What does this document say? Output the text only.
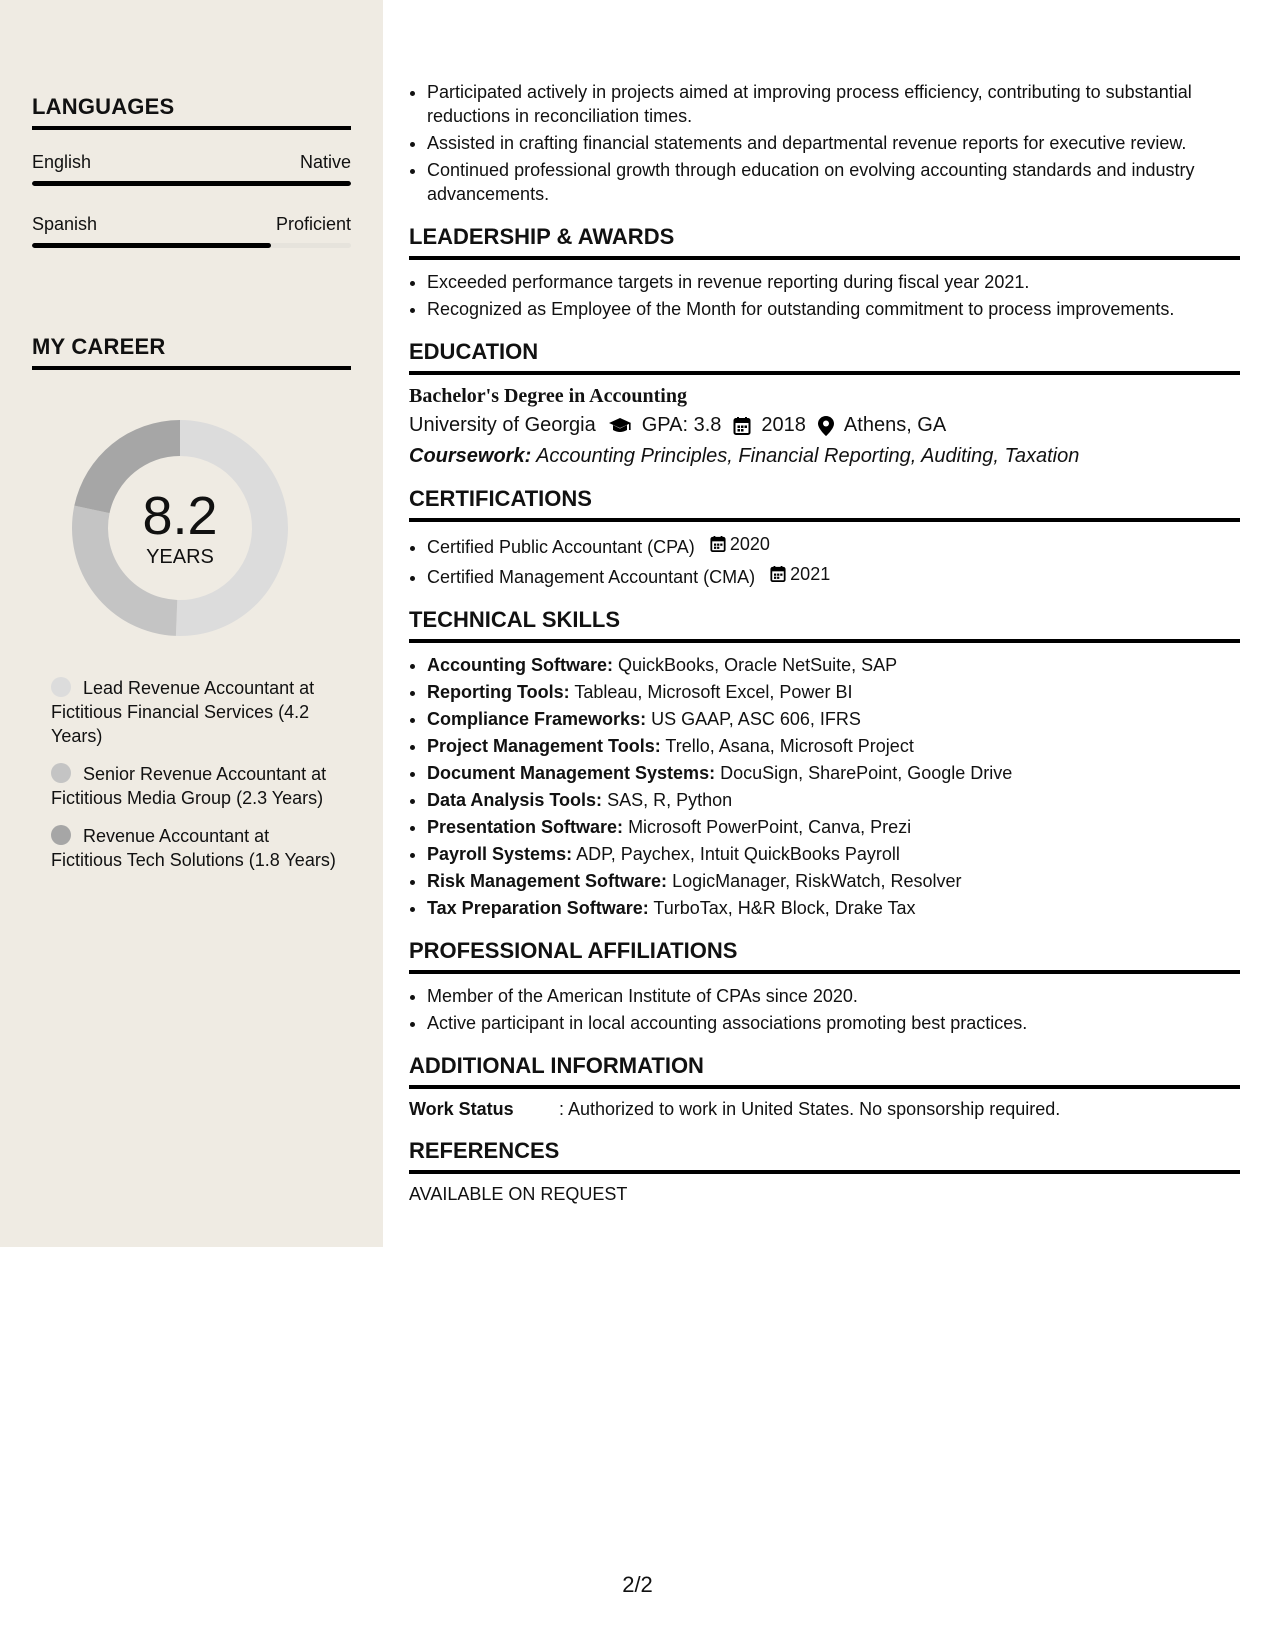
LANGUAGES
English	Native
Spanish	Proficient
MY CAREER
8.2
YEARS
Lead Revenue Accountant at Fictitious Financial Services (4.2 Years)
Senior Revenue Accountant at Fictitious Media Group (2.3 Years)
Revenue Accountant at Fictitious Tech Solutions (1.8 Years)
• Participated actively in projects aimed at improving process efficiency, contributing to substantial reductions in reconciliation times.
• Assisted in crafting financial statements and departmental revenue reports for executive review.
• Continued professional growth through education on evolving accounting standards and industry advancements.
LEADERSHIP & AWARDS
• Exceeded performance targets in revenue reporting during fiscal year 2021.
• Recognized as Employee of the Month for outstanding commitment to process improvements.
EDUCATION
Bachelor's Degree in Accounting
University of Georgia GPA: 3.8 2018 Athens, GA
Coursework: Accounting Principles, Financial Reporting, Auditing, Taxation
CERTIFICATIONS
• Certified Public Accountant (CPA) 2020
• Certified Management Accountant (CMA) 2021
TECHNICAL SKILLS
• Accounting Software: QuickBooks, Oracle NetSuite, SAP
• Reporting Tools: Tableau, Microsoft Excel, Power BI
• Compliance Frameworks: US GAAP, ASC 606, IFRS
• Project Management Tools: Trello, Asana, Microsoft Project
• Document Management Systems: DocuSign, SharePoint, Google Drive
• Data Analysis Tools: SAS, R, Python
• Presentation Software: Microsoft PowerPoint, Canva, Prezi
• Payroll Systems: ADP, Paychex, Intuit QuickBooks Payroll
• Risk Management Software: LogicManager, RiskWatch, Resolver
• Tax Preparation Software: TurboTax, H&R Block, Drake Tax
PROFESSIONAL AFFILIATIONS
• Member of the American Institute of CPAs since 2020.
• Active participant in local accounting associations promoting best practices.
ADDITIONAL INFORMATION
Work Status	: Authorized to work in United States. No sponsorship required.
REFERENCES
AVAILABLE ON REQUEST
2/2
